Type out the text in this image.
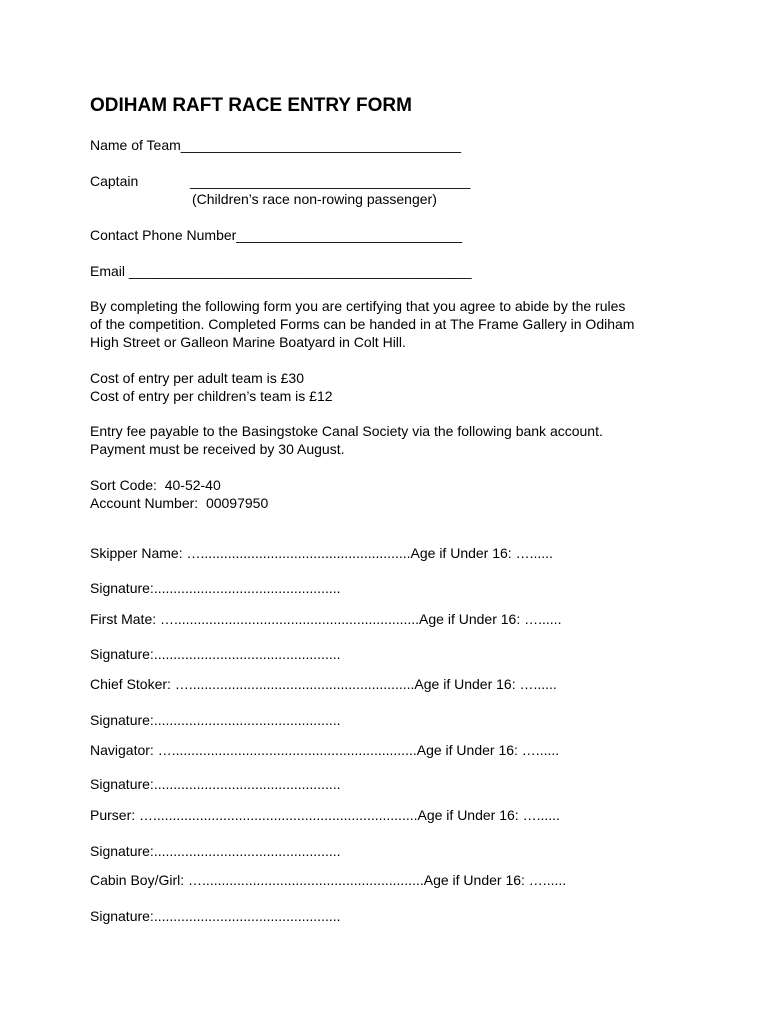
ODIHAM RAFT RACE ENTRY FORM
Name of Team____________________________________
Captain	____________________________________
(Children’s race non-rowing passenger)
Contact Phone Number_____________________________
Email ____________________________________________
By completing the following form you are certifying that you agree to abide by the rules
of the competition. Completed Forms can be handed in at The Frame Gallery in Odiham
High Street or Galleon Marine Boatyard in Colt Hill.
Cost of entry per adult team is £30
Cost of entry per children’s team is £12
Entry fee payable to the Basingstoke Canal Society via the following bank account.
Payment must be received by 30 August.
Sort Code:  40-52-40
Account Number:  00097950
Skipper Name: …......................................................Age if Under 16: …......
Signature:................................................
First Mate: …...............................................................Age if Under 16: …......
Signature:................................................
Chief Stoker: …..........................................................Age if Under 16: …......
Signature:................................................
Navigator: …...............................................................Age if Under 16: …......
Signature:................................................
Purser: …....................................................................Age if Under 16: …......
Signature:................................................
Cabin Boy/Girl: ….........................................................Age if Under 16: …......
Signature:................................................
